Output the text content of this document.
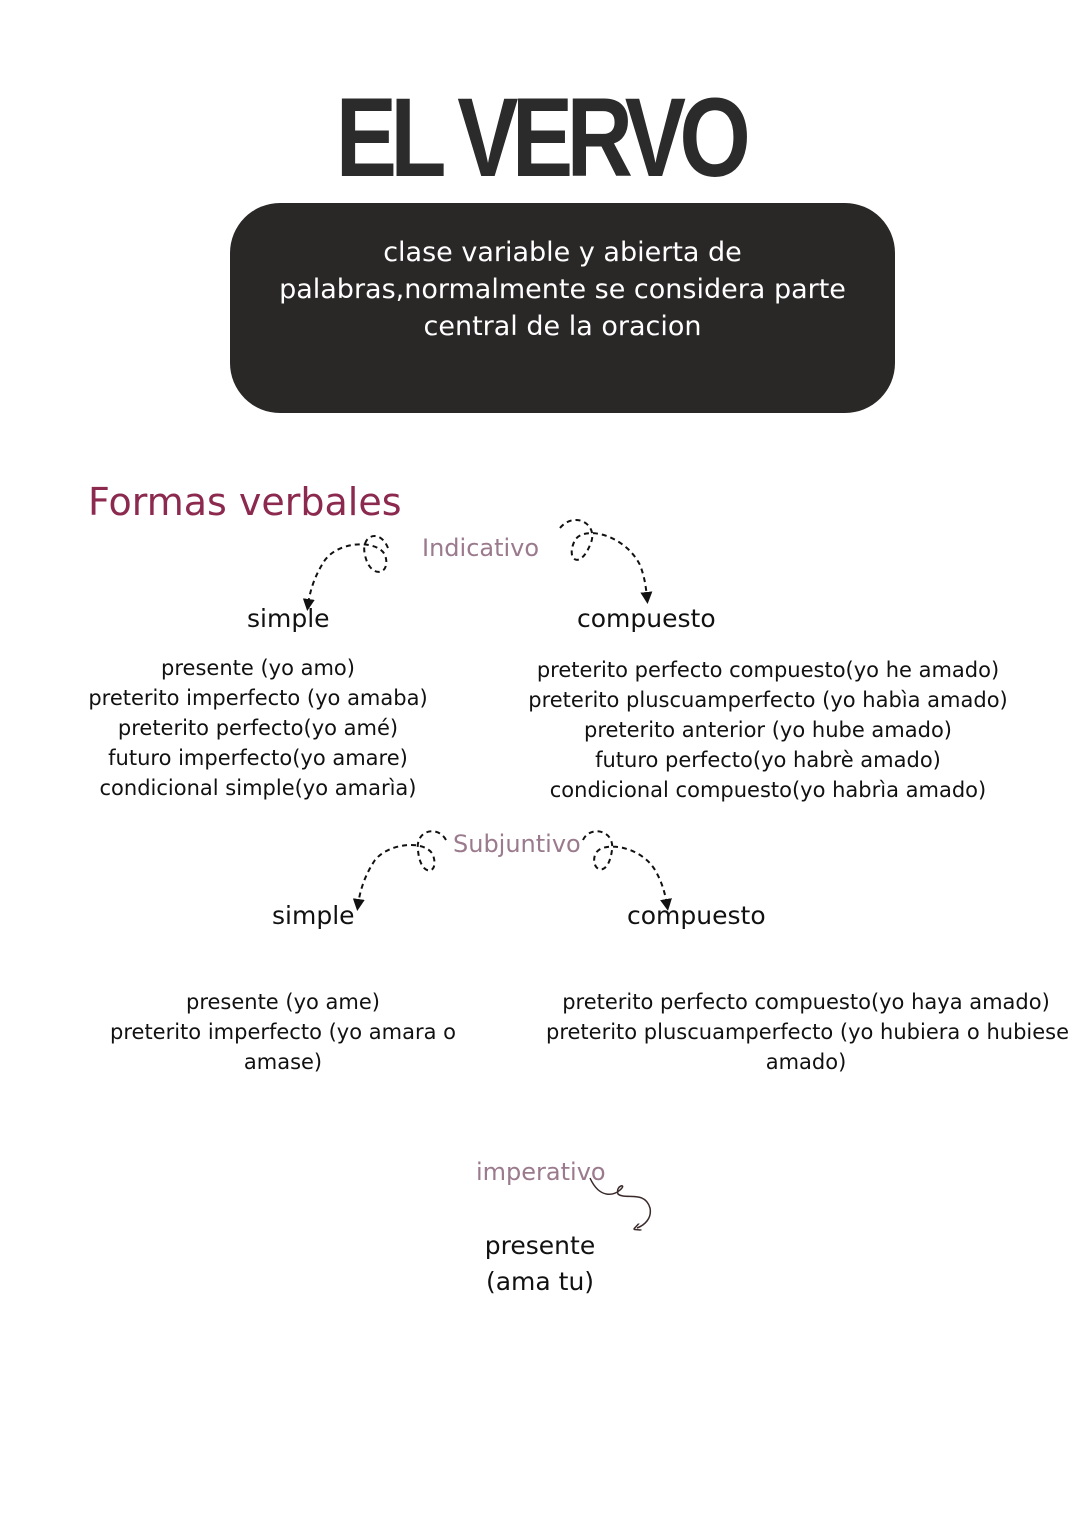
EL VERVO
clase variable y abierta de
palabras,normalmente se considera parte
central de la oracion
Formas verbales
Indicativo
simple	compuesto
presente (yo amo)
preterito imperfecto (yo amaba)
preterito perfecto(yo amé)
futuro imperfecto(yo amare)
condicional simple(yo amarìa)
preterito perfecto compuesto(yo he amado)
preterito pluscuamperfecto (yo habìa amado)
preterito anterior (yo hube amado)
futuro perfecto(yo habrè amado)
condicional compuesto(yo habrìa amado)
Subjuntivo
simple	compuesto
presente (yo ame)
preterito imperfecto (yo amara o
amase)
preterito perfecto compuesto(yo haya amado)
preterito pluscuamperfecto (yo hubiera o hubiese
amado)
imperativo
presente
(ama tu)
